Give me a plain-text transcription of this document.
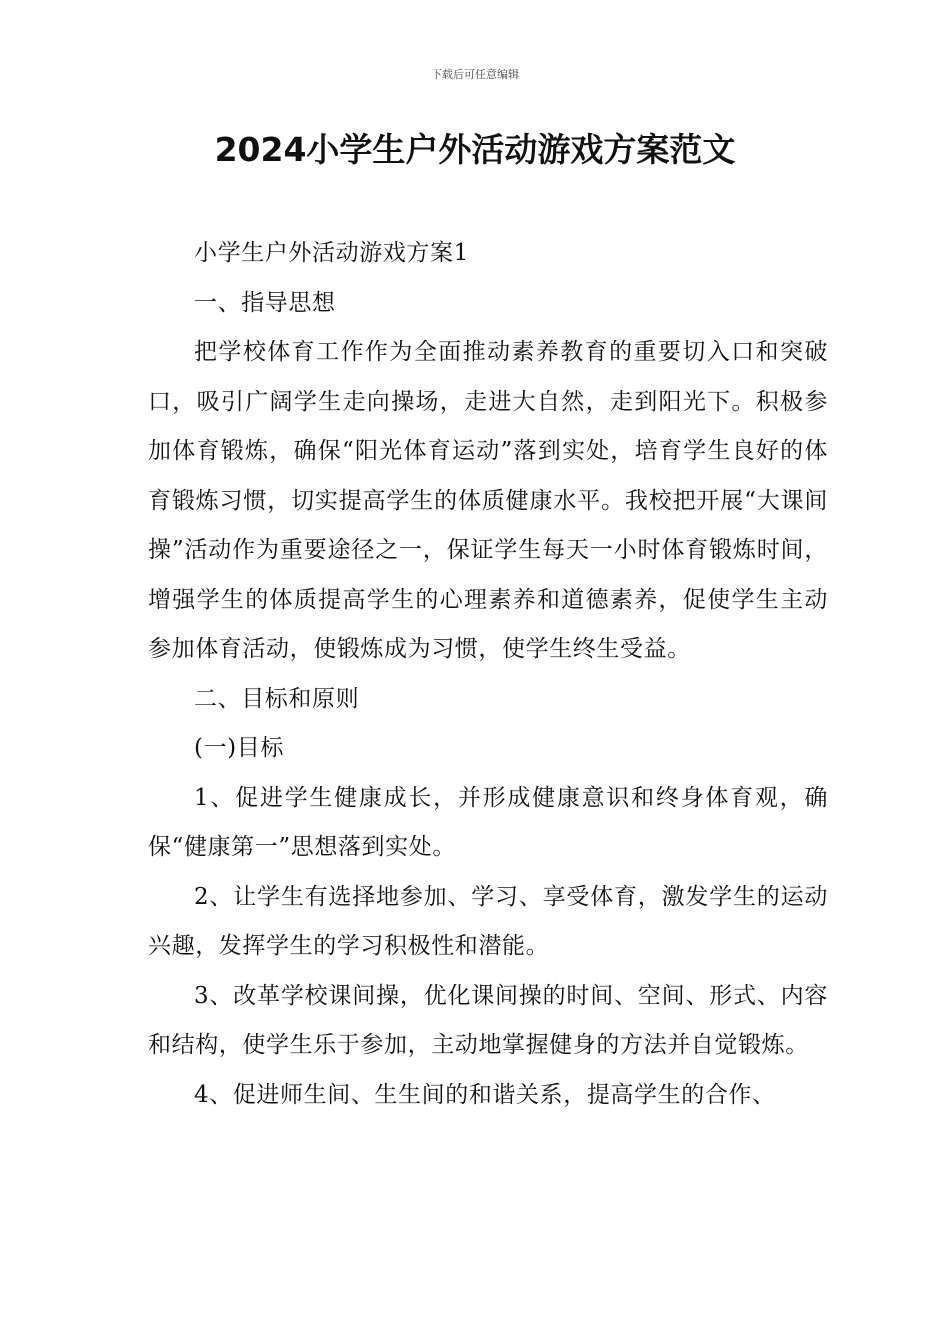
下载后可任意编辑
2024小学生户外活动游戏方案范文

小学生户外活动游戏方案1

一、指导思想

把学校体育工作作为全面推动素养教育的重要切入口和突破口，吸引广阔学生走向操场，走进大自然，走到阳光下。积极参加体育锻炼，确保“阳光体育运动”落到实处，培育学生良好的体育锻炼习惯，切实提高学生的体质健康水平。我校把开展“大课间操”活动作为重要途径之一，保证学生每天一小时体育锻炼时间，增强学生的体质提高学生的心理素养和道德素养，促使学生主动参加体育活动，使锻炼成为习惯，使学生终生受益。

二、目标和原则

(一)目标

1、促进学生健康成长，并形成健康意识和终身体育观，确保“健康第一”思想落到实处。

2、让学生有选择地参加、学习、享受体育，激发学生的运动兴趣，发挥学生的学习积极性和潜能。

3、改革学校课间操，优化课间操的时间、空间、形式、内容和结构，使学生乐于参加，主动地掌握健身的方法并自觉锻炼。

4、促进师生间、生生间的和谐关系，提高学生的合作、
